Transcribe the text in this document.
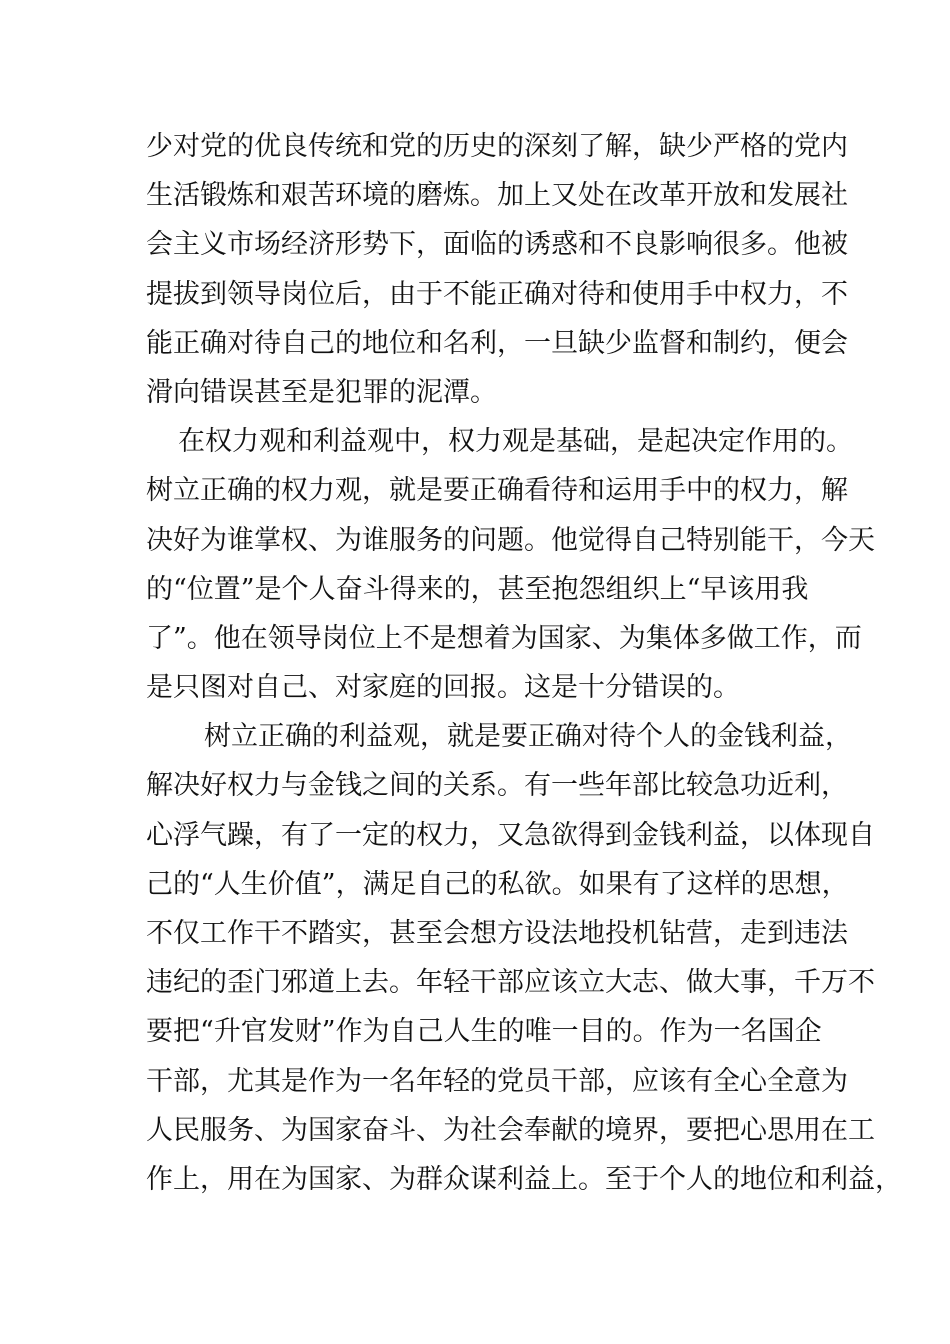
少对党的优良传统和党的历史的深刻了解，缺少严格的党内
生活锻炼和艰苦环境的磨炼。加上又处在改革开放和发展社
会主义市场经济形势下，面临的诱惑和不良影响很多。他被
提拔到领导岗位后，由于不能正确对待和使用手中权力，不
能正确对待自己的地位和名利，一旦缺少监督和制约，便会
滑向错误甚至是犯罪的泥潭。
在权力观和利益观中，权力观是基础，是起决定作用的。
树立正确的权力观，就是要正确看待和运用手中的权力，解
决好为谁掌权、为谁服务的问题。他觉得自己特别能干，今天
的“位置”是个人奋斗得来的，甚至抱怨组织上“早该用我
了”。他在领导岗位上不是想着为国家、为集体多做工作，而
是只图对自己、对家庭的回报。这是十分错误的。
树立正确的利益观，就是要正确对待个人的金钱利益，
解决好权力与金钱之间的关系。有一些年部比较急功近利，
心浮气躁，有了一定的权力，又急欲得到金钱利益，以体现自
己的“人生价值”，满足自己的私欲。如果有了这样的思想，
不仅工作干不踏实，甚至会想方设法地投机钻营，走到违法
违纪的歪门邪道上去。年轻干部应该立大志、做大事，千万不
要把“升官发财”作为自己人生的唯一目的。作为一名国企
干部，尤其是作为一名年轻的党员干部，应该有全心全意为
人民服务、为国家奋斗、为社会奉献的境界，要把心思用在工
作上，用在为国家、为群众谋利益上。至于个人的地位和利益，
